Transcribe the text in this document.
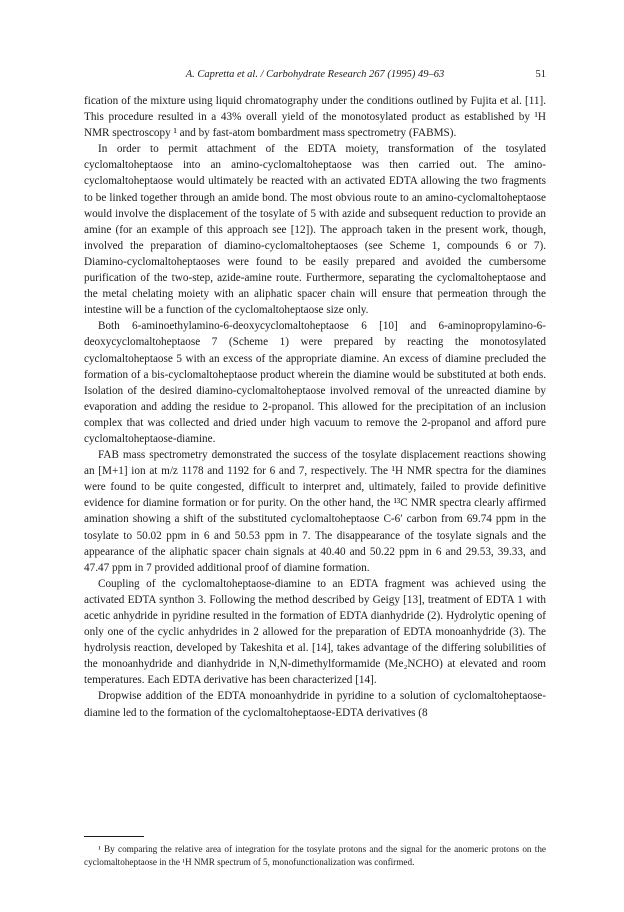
A. Capretta et al. / Carbohydrate Research 267 (1995) 49–63	51

fication of the mixture using liquid chromatography under the conditions outlined by Fujita et al. [11]. This procedure resulted in a 43% overall yield of the monotosylated product as established by ¹H NMR spectroscopy ¹ and by fast-atom bombardment mass spectrometry (FABMS).

In order to permit attachment of the EDTA moiety, transformation of the tosylated cyclomaltoheptaose into an amino-cyclomaltoheptaose was then carried out. The amino-cyclomaltoheptaose would ultimately be reacted with an activated EDTA allowing the two fragments to be linked together through an amide bond. The most obvious route to an amino-cyclomaltoheptaose would involve the displacement of the tosylate of 5 with azide and subsequent reduction to provide an amine (for an example of this approach see [12]). The approach taken in the present work, though, involved the preparation of diamino-cyclomaltoheptaoses (see Scheme 1, compounds 6 or 7). Diamino-cyclomaltoheptaoses were found to be easily prepared and avoided the cumbersome purification of the two-step, azide-amine route. Furthermore, separating the cyclomaltoheptaose and the metal chelating moiety with an aliphatic spacer chain will ensure that permeation through the intestine will be a function of the cyclomaltoheptaose size only.

Both 6-aminoethylamino-6-deoxycyclomaltoheptaose 6 [10] and 6-aminopropylamino-6-deoxycyclomaltoheptaose 7 (Scheme 1) were prepared by reacting the monotosylated cyclomaltoheptaose 5 with an excess of the appropriate diamine. An excess of diamine precluded the formation of a bis-cyclomaltoheptaose product wherein the diamine would be substituted at both ends. Isolation of the desired diamino-cyclomaltoheptaose involved removal of the unreacted diamine by evaporation and adding the residue to 2-propanol. This allowed for the precipitation of an inclusion complex that was collected and dried under high vacuum to remove the 2-propanol and afford pure cyclomaltoheptaose-diamine.

FAB mass spectrometry demonstrated the success of the tosylate displacement reactions showing an [M+1] ion at m/z 1178 and 1192 for 6 and 7, respectively. The ¹H NMR spectra for the diamines were found to be quite congested, difficult to interpret and, ultimately, failed to provide definitive evidence for diamine formation or for purity. On the other hand, the ¹³C NMR spectra clearly affirmed amination showing a shift of the substituted cyclomaltoheptaose C-6′ carbon from 69.74 ppm in the tosylate to 50.02 ppm in 6 and 50.53 ppm in 7. The disappearance of the tosylate signals and the appearance of the aliphatic spacer chain signals at 40.40 and 50.22 ppm in 6 and 29.53, 39.33, and 47.47 ppm in 7 provided additional proof of diamine formation.

Coupling of the cyclomaltoheptaose-diamine to an EDTA fragment was achieved using the activated EDTA synthon 3. Following the method described by Geigy [13], treatment of EDTA 1 with acetic anhydride in pyridine resulted in the formation of EDTA dianhydride (2). Hydrolytic opening of only one of the cyclic anhydrides in 2 allowed for the preparation of EDTA monoanhydride (3). The hydrolysis reaction, developed by Takeshita et al. [14], takes advantage of the differing solubilities of the monoanhydride and dianhydride in N,N-dimethylformamide (Me₂NCHO) at elevated and room temperatures. Each EDTA derivative has been characterized [14].

Dropwise addition of the EDTA monoanhydride in pyridine to a solution of cyclomaltoheptaose-diamine led to the formation of the cyclomaltoheptaose-EDTA derivatives (8

¹ By comparing the relative area of integration for the tosylate protons and the signal for the anomeric protons on the cyclomaltoheptaose in the ¹H NMR spectrum of 5, monofunctionalization was confirmed.
